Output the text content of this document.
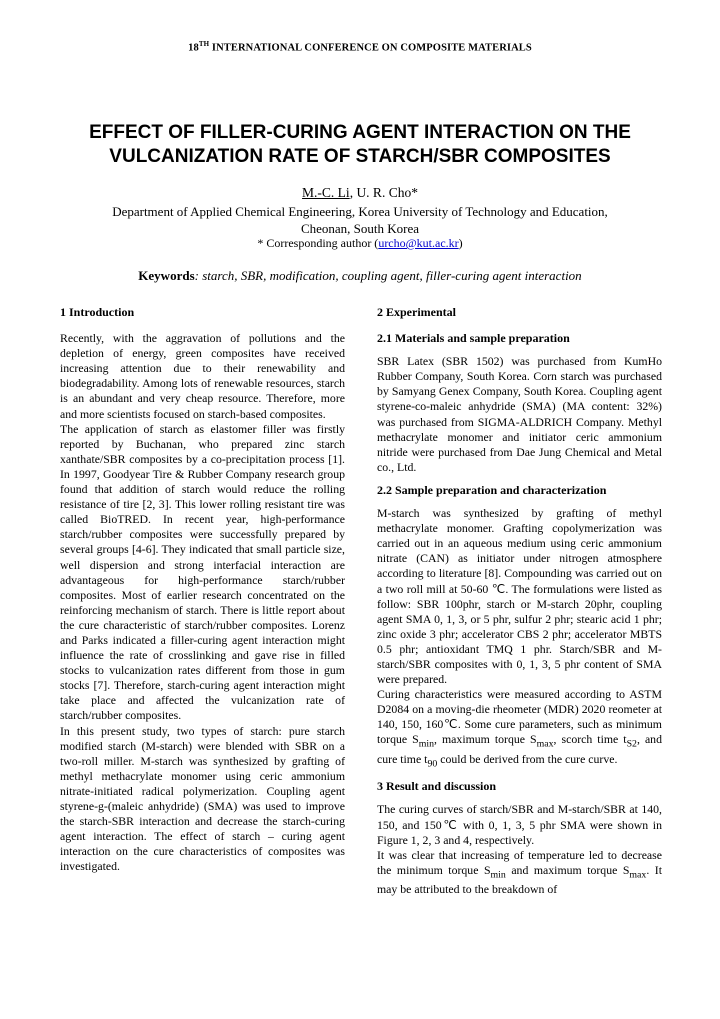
18TH INTERNATIONAL CONFERENCE ON COMPOSITE MATERIALS
EFFECT OF FILLER-CURING AGENT INTERACTION ON THE
VULCANIZATION RATE OF STARCH/SBR COMPOSITES
M.-C. Li, U. R. Cho*
Department of Applied Chemical Engineering, Korea University of Technology and Education,
Cheonan, South Korea
* Corresponding author (urcho@kut.ac.kr)
Keywords: starch, SBR, modification, coupling agent, filler-curing agent interaction
1 Introduction

Recently, with the aggravation of pollutions and the depletion of energy, green composites have received increasing attention due to their renewability and biodegradability. Among lots of renewable resources, starch is an abundant and very cheap resource. Therefore, more and more scientists focused on starch-based composites.

The application of starch as elastomer filler was firstly reported by Buchanan, who prepared zinc starch xanthate/SBR composites by a co-precipitation process [1]. In 1997, Goodyear Tire & Rubber Company research group found that addition of starch would reduce the rolling resistance of tire [2, 3]. This lower rolling resistant tire was called BioTRED. In recent year, high-performance starch/rubber composites were successfully prepared by several groups [4-6]. They indicated that small particle size, well dispersion and strong interfacial interaction are advantageous for high-performance starch/rubber composites. Most of earlier research concentrated on the reinforcing mechanism of starch. There is little report about the cure characteristic of starch/rubber composites. Lorenz and Parks indicated a filler-curing agent interaction might influence the rate of crosslinking and gave rise in filled stocks to vulcanization rates different from those in gum stocks [7]. Therefore, starch-curing agent interaction might take place and affected the vulcanization rate of starch/rubber composites.

In this present study, two types of starch: pure starch modified starch (M-starch) were blended with SBR on a two-roll miller. M-starch was synthesized by grafting of methyl methacrylate monomer using ceric ammonium nitrate-initiated radical polymerization. Coupling agent styrene-g-(maleic anhydride) (SMA) was used to improve the starch-SBR interaction and decrease the starch-curing agent interaction. The effect of starch – curing agent interaction on the cure characteristics of composites was investigated.

2 Experimental
2.1 Materials and sample preparation

SBR Latex (SBR 1502) was purchased from KumHo Rubber Company, South Korea. Corn starch was purchased by Samyang Genex Company, South Korea. Coupling agent styrene-co-maleic anhydride (SMA) (MA content: 32%) was purchased from SIGMA-ALDRICH Company. Methyl methacrylate monomer and initiator ceric ammonium nitride were purchased from Dae Jung Chemical and Metal co., Ltd.

2.2 Sample preparation and characterization

M-starch was synthesized by grafting of methyl methacrylate monomer. Grafting copolymerization was carried out in an aqueous medium using ceric ammonium nitrate (CAN) as initiator under nitrogen atmosphere according to literature [8]. Compounding was carried out on a two roll mill at 50-60 ℃. The formulations were listed as follow: SBR 100phr, starch or M-starch 20phr, coupling agent SMA 0, 1, 3, or 5 phr, sulfur 2 phr; stearic acid 1 phr; zinc oxide 3 phr; accelerator CBS 2 phr; accelerator MBTS 0.5 phr; antioxidant TMQ 1 phr. Starch/SBR and M-starch/SBR composites with 0, 1, 3, 5 phr content of SMA were prepared.

Curing characteristics were measured according to ASTM D2084 on a moving-die rheometer (MDR) 2020 reometer at 140, 150, 160℃. Some cure parameters, such as minimum torque $S_{min}$, maximum torque $S_{max}$, scorch time $t_{S2}$, and cure time $t_{90}$ could be derived from the cure curve.

3 Result and discussion

The curing curves of starch/SBR and M-starch/SBR at 140, 150, and 150℃ with 0, 1, 3, 5 phr SMA were shown in Figure 1, 2, 3 and 4, respectively.

It was clear that increasing of temperature led to decrease the minimum torque $S_{min}$ and maximum torque $S_{max}$. It may be attributed to the breakdown of
